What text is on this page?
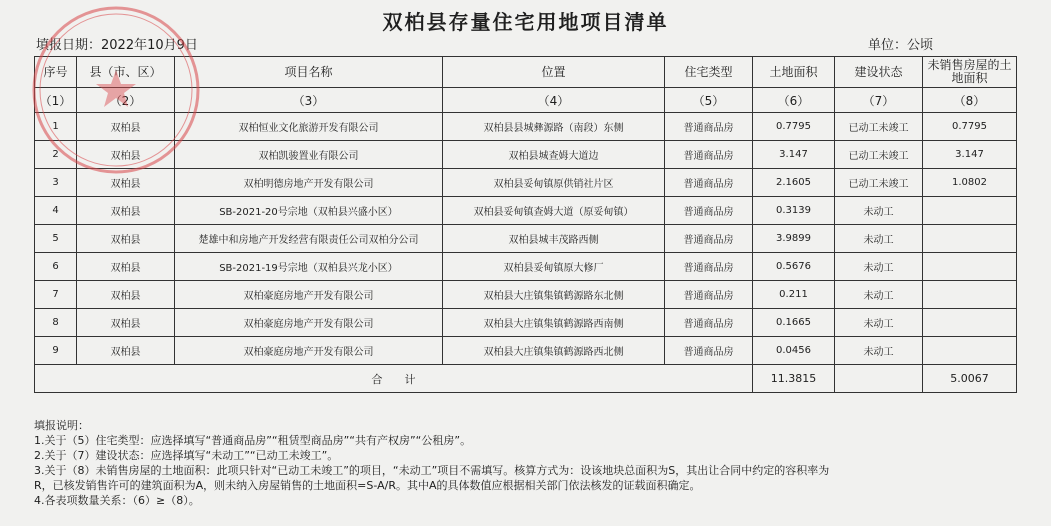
双柏县存量住宅用地项目清单
填报日期：2022年10月9日	单位：公顷
序号	县（市、区）	项目名称	位置	住宅类型	土地面积	建设状态	未销售房屋的土地面积
（1）	（2）	（3）	（4）	（5）	（6）	（7）	（8）
1	双柏县	双柏恒业文化旅游开发有限公司	双柏县县城彝源路（南段）东侧	普通商品房	0.7795	已动工未竣工	0.7795
2	双柏县	双柏凯骏置业有限公司	双柏县城查姆大道边	普通商品房	3.147	已动工未竣工	3.147
3	双柏县	双柏明德房地产开发有限公司	双柏县妥甸镇原供销社片区	普通商品房	2.1605	已动工未竣工	1.0802
4	双柏县	SB-2021-20号宗地（双柏县兴盛小区）	双柏县妥甸镇查姆大道（原妥甸镇）	普通商品房	0.3139	未动工	
5	双柏县	楚雄中和房地产开发经营有限责任公司双柏分公司	双柏县城丰茂路西侧	普通商品房	3.9899	未动工	
6	双柏县	SB-2021-19号宗地（双柏县兴龙小区）	双柏县妥甸镇原大修厂	普通商品房	0.5676	未动工	
7	双柏县	双柏豪庭房地产开发有限公司	双柏县大庄镇集镇鹤源路东北侧	普通商品房	0.211	未动工	
8	双柏县	双柏豪庭房地产开发有限公司	双柏县大庄镇集镇鹤源路西南侧	普通商品房	0.1665	未动工	
9	双柏县	双柏豪庭房地产开发有限公司	双柏县大庄镇集镇鹤源路西北侧	普通商品房	0.0456	未动工	
合　　计					11.3815		5.0067
填报说明：
1.关于（5）住宅类型：应选择填写“普通商品房”“租赁型商品房”“共有产权房”“公租房”。
2.关于（7）建设状态：应选择填写“未动工”“已动工未竣工”。
3.关于（8）未销售房屋的土地面积：此项只针对“已动工未竣工”的项目，“未动工”项目不需填写。核算方式为：设该地块总面积为S，其出让合同中约定的容积率为
R，已核发销售许可的建筑面积为A，则未纳入房屋销售的土地面积=S-A/R。其中A的具体数值应根据相关部门依法核发的证载面积确定。
4.各表项数量关系：（6）≥（8）。
